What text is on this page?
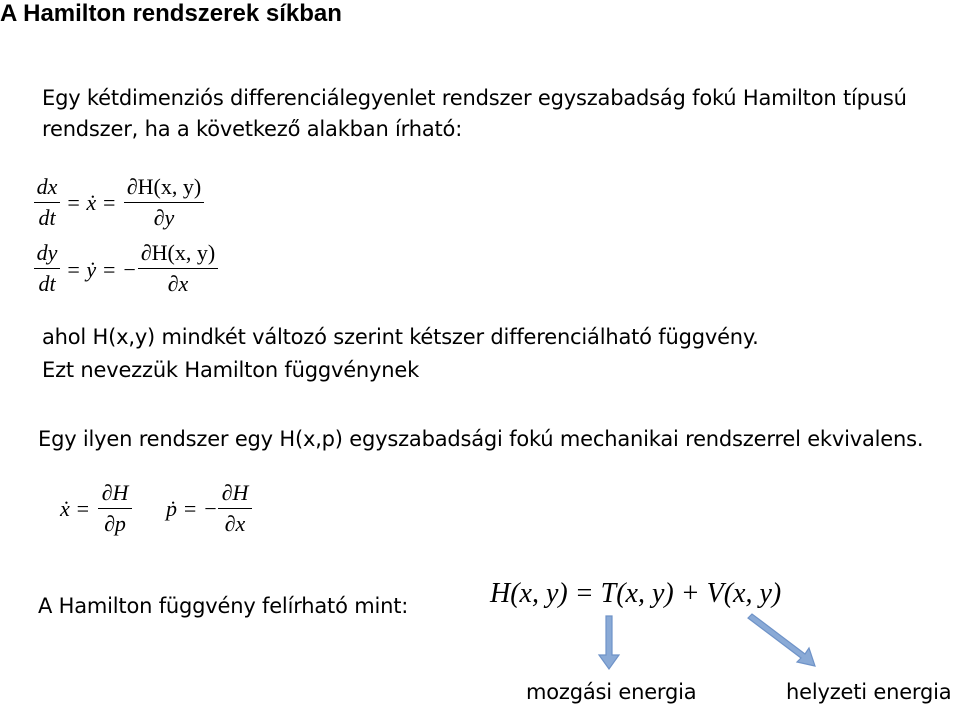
A Hamilton rendszerek síkban
Egy kétdimenziós differenciálegyenlet rendszer egyszabadság fokú Hamilton típusú
rendszer, ha a következő alakban írható:
dx
dt
= ẋ =
∂H(x, y)
∂y
dy
dt
= ẏ = −
∂H(x, y)
∂x
ahol H(x,y) mindkét változó szerint kétszer differenciálható függvény.
Ezt nevezzük Hamilton függvénynek
Egy ilyen rendszer egy H(x,p) egyszabadsági fokú mechanikai rendszerrel ekvivalens.
ẋ =
∂H
∂p
ṗ = −
∂H
∂x
A Hamilton függvény felírható mint:	H(x, y) = T(x, y) + V(x, y)
mozgási energia	helyzeti energia
